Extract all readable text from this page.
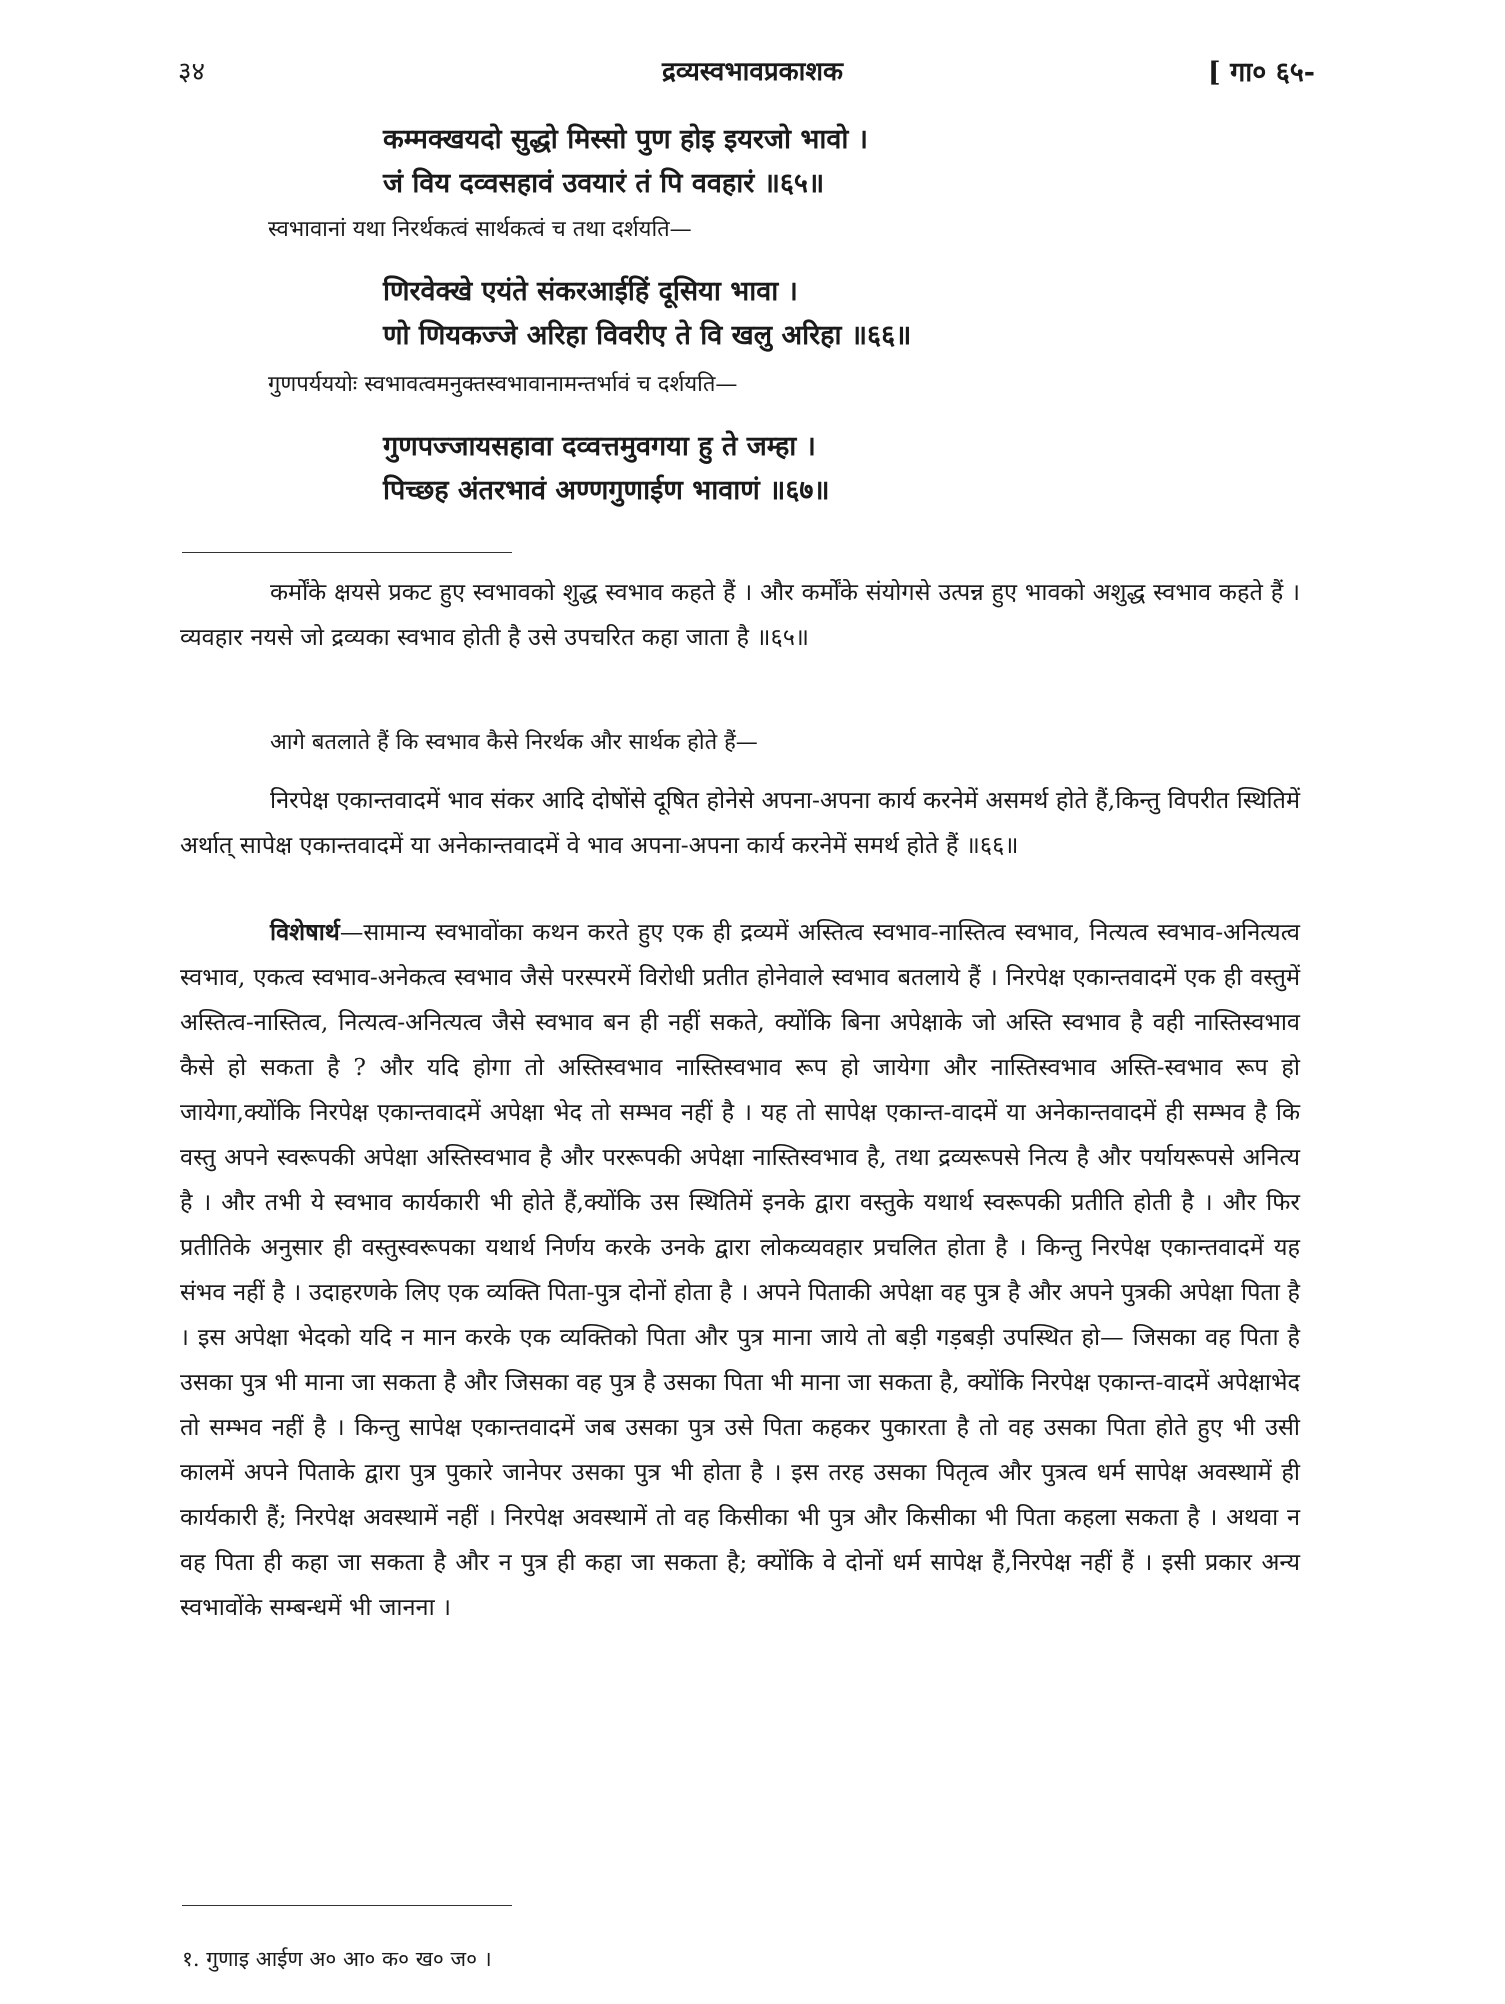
३४	द्रव्यस्वभावप्रकाशक	[ गा० ६५-
कम्मक्खयदो सुद्धो मिस्सो पुण होइ इयरजो भावो ।
जं विय दव्वसहावं उवयारं तं पि ववहारं ॥६५॥
स्वभावानां यथा निरर्थकत्वं सार्थकत्वं च तथा दर्शयति—
णिरवेक्खे एयंते संकरआईहिं दूसिया भावा ।
णो णियकज्जे अरिहा विवरीए ते वि खलु अरिहा ॥६६॥
गुणपर्यययोः स्वभावत्वमनुक्तस्वभावानामन्तर्भावं च दर्शयति—
गुणपज्जायसहावा दव्वत्तमुवगया हु ते जम्हा ।
पिच्छह अंतरभावं अण्णगुणाईण भावाणं ॥६७॥
कर्मोंके क्षयसे प्रकट हुए स्वभावको शुद्ध स्वभाव कहते हैं । और कर्मोंके संयोगसे उत्पन्न हुए भावको अशुद्ध स्वभाव कहते हैं । व्यवहार नयसे जो द्रव्यका स्वभाव होती है उसे उपचरित कहा जाता है ॥६५॥
आगे बतलाते हैं कि स्वभाव कैसे निरर्थक और सार्थक होते हैं—
निरपेक्ष एकान्तवादमें भाव संकर आदि दोषोंसे दूषित होनेसे अपना-अपना कार्य करनेमें असमर्थ होते हैं,किन्तु विपरीत स्थितिमें अर्थात् सापेक्ष एकान्तवादमें या अनेकान्तवादमें वे भाव अपना-अपना कार्य करनेमें समर्थ होते हैं ॥६६॥
विशेषार्थ—सामान्य स्वभावोंका कथन करते हुए एक ही द्रव्यमें अस्तित्व स्वभाव-नास्तित्व स्वभाव, नित्यत्व स्वभाव-अनित्यत्व स्वभाव, एकत्व स्वभाव-अनेकत्व स्वभाव जैसे परस्परमें विरोधी प्रतीत होनेवाले स्वभाव बतलाये हैं । निरपेक्ष एकान्तवादमें एक ही वस्तुमें अस्तित्व-नास्तित्व, नित्यत्व-अनित्यत्व जैसे स्वभाव बन ही नहीं सकते, क्योंकि बिना अपेक्षाके जो अस्ति स्वभाव है वही नास्तिस्वभाव कैसे हो सकता है ? और यदि होगा तो अस्तिस्वभाव नास्तिस्वभाव रूप हो जायेगा और नास्तिस्वभाव अस्ति-स्वभाव रूप हो जायेगा,क्योंकि निरपेक्ष एकान्तवादमें अपेक्षा भेद तो सम्भव नहीं है । यह तो सापेक्ष एकान्त-वादमें या अनेकान्तवादमें ही सम्भव है कि वस्तु अपने स्वरूपकी अपेक्षा अस्तिस्वभाव है और पररूपकी अपेक्षा नास्तिस्वभाव है, तथा द्रव्यरूपसे नित्य है और पर्यायरूपसे अनित्य है । और तभी ये स्वभाव कार्यकारी भी होते हैं,क्योंकि उस स्थितिमें इनके द्वारा वस्तुके यथार्थ स्वरूपकी प्रतीति होती है । और फिर प्रतीतिके अनुसार ही वस्तुस्वरूपका यथार्थ निर्णय करके उनके द्वारा लोकव्यवहार प्रचलित होता है । किन्तु निरपेक्ष एकान्तवादमें यह संभव नहीं है । उदाहरणके लिए एक व्यक्ति पिता-पुत्र दोनों होता है । अपने पिताकी अपेक्षा वह पुत्र है और अपने पुत्रकी अपेक्षा पिता है । इस अपेक्षा भेदको यदि न मान करके एक व्यक्तिको पिता और पुत्र माना जाये तो बड़ी गड़बड़ी उपस्थित हो— जिसका वह पिता है उसका पुत्र भी माना जा सकता है और जिसका वह पुत्र है उसका पिता भी माना जा सकता है, क्योंकि निरपेक्ष एकान्त-वादमें अपेक्षाभेद तो सम्भव नहीं है । किन्तु सापेक्ष एकान्तवादमें जब उसका पुत्र उसे पिता कहकर पुकारता है तो वह उसका पिता होते हुए भी उसी कालमें अपने पिताके द्वारा पुत्र पुकारे जानेपर उसका पुत्र भी होता है । इस तरह उसका पितृत्व और पुत्रत्व धर्म सापेक्ष अवस्थामें ही कार्यकारी हैं; निरपेक्ष अवस्थामें नहीं । निरपेक्ष अवस्थामें तो वह किसीका भी पुत्र और किसीका भी पिता कहला सकता है । अथवा न वह पिता ही कहा जा सकता है और न पुत्र ही कहा जा सकता है; क्योंकि वे दोनों धर्म सापेक्ष हैं,निरपेक्ष नहीं हैं । इसी प्रकार अन्य स्वभावोंके सम्बन्धमें भी जानना ।
१. गुणाइ आईण अ० आ० क० ख० ज० ।
